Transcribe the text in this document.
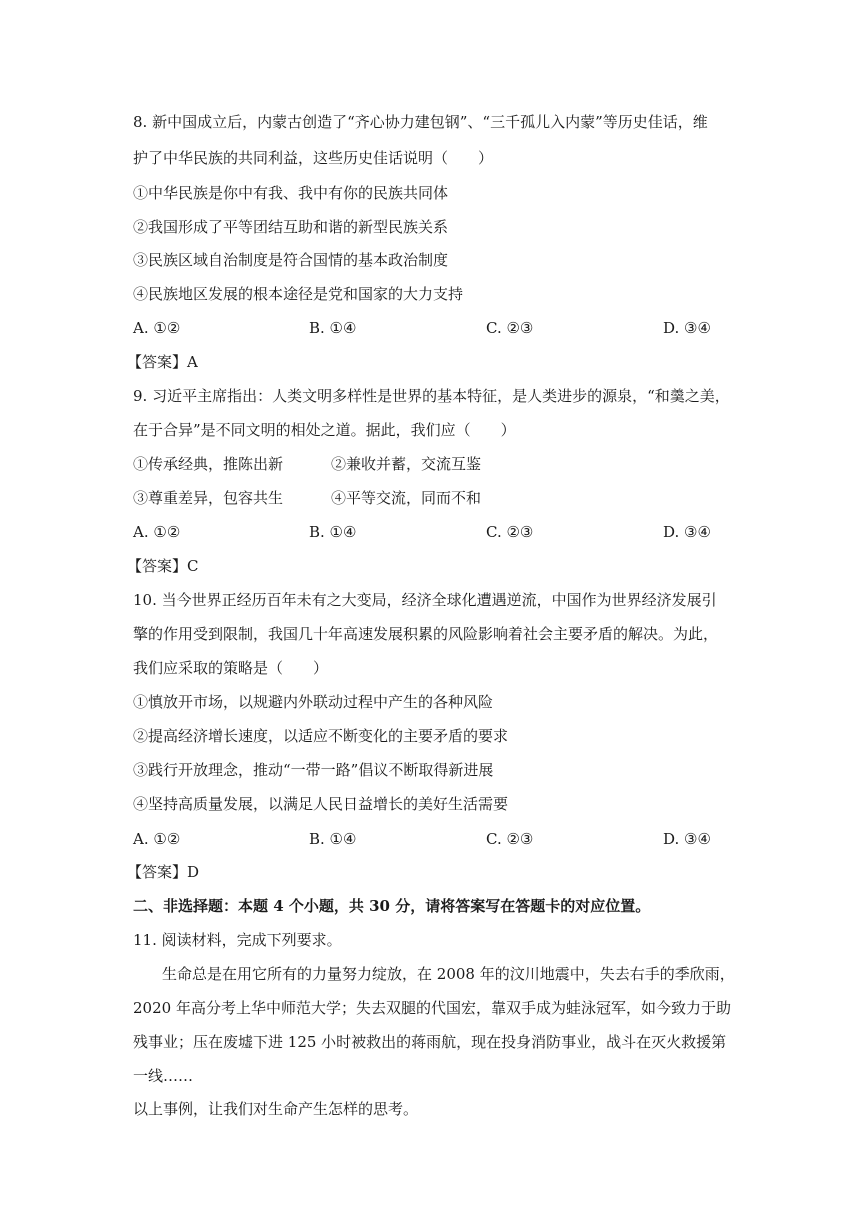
8. 新中国成立后，内蒙古创造了“齐心协力建包钢”、“三千孤儿入内蒙”等历史佳话，维
护了中华民族的共同利益，这些历史佳话说明（　　）
①中华民族是你中有我、我中有你的民族共同体
②我国形成了平等团结互助和谐的新型民族关系
③民族区域自治制度是符合国情的基本政治制度
④民族地区发展的根本途径是党和国家的大力支持
A. ①②	B. ①④	C. ②③	D. ③④
【答案】A
9. 习近平主席指出：人类文明多样性是世界的基本特征，是人类进步的源泉，“和羹之美，
在于合异”是不同文明的相处之道。据此，我们应（　　）
①传承经典，推陈出新	②兼收并蓄，交流互鉴
③尊重差异，包容共生	④平等交流，同而不和
A. ①②	B. ①④	C. ②③	D. ③④
【答案】C
10. 当今世界正经历百年未有之大变局，经济全球化遭遇逆流，中国作为世界经济发展引
擎的作用受到限制，我国几十年高速发展积累的风险影响着社会主要矛盾的解决。为此，
我们应采取的策略是（　　）
①慎放开市场，以规避内外联动过程中产生的各种风险
②提高经济增长速度，以适应不断变化的主要矛盾的要求
③践行开放理念，推动“一带一路”倡议不断取得新进展
④坚持高质量发展，以满足人民日益增长的美好生活需要
A. ①②	B. ①④	C. ②③	D. ③④
【答案】D
二、非选择题：本题 4 个小题，共 30 分，请将答案写在答题卡的对应位置。
11. 阅读材料，完成下列要求。
生命总是在用它所有的力量努力绽放，在 2008 年的汶川地震中，失去右手的季欣雨，
2020 年高分考上华中师范大学；失去双腿的代国宏，靠双手成为蛙泳冠军，如今致力于助
残事业；压在废墟下进 125 小时被救出的蒋雨航，现在投身消防事业，战斗在灭火救援第
一线……
以上事例，让我们对生命产生怎样的思考。
